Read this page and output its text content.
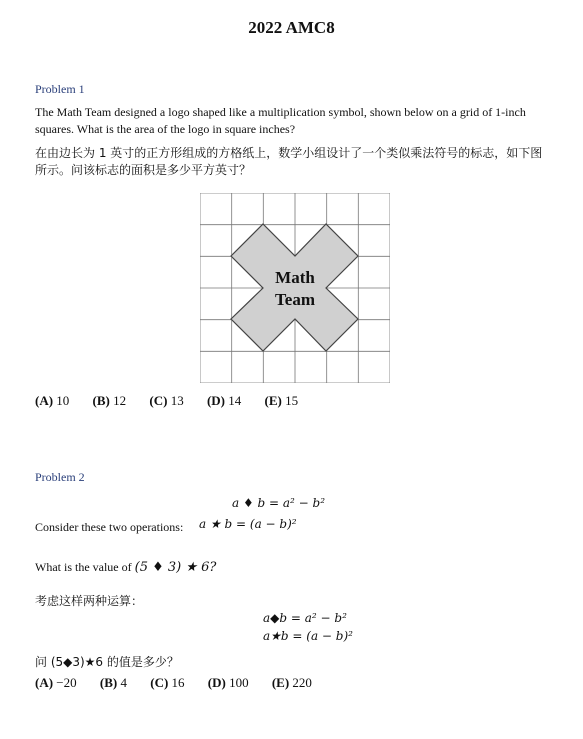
2022 AMC8
Problem 1
The Math Team designed a logo shaped like a multiplication symbol, shown below on a grid of 1-inch squares. What is the area of the logo in square inches?
在由边长为 1 英寸的正方形组成的方格纸上，数学小组设计了一个类似乘法符号的标志，如下图所示。问该标志的面积是多少平方英寸？
Math
Team
(A) 10 (B) 12 (C) 13 (D) 14 (E) 15
Problem 2
a ♦ b = a² − b²
Consider these two operations: a ★ b = (a − b)²
What is the value of (5 ♦ 3) ★ 6?
考虑这样两种运算：
a◆b = a² − b²
a★b = (a − b)²
问 (5◆3)★6 的值是多少？
(A) −20 (B) 4 (C) 16 (D) 100 (E) 220
